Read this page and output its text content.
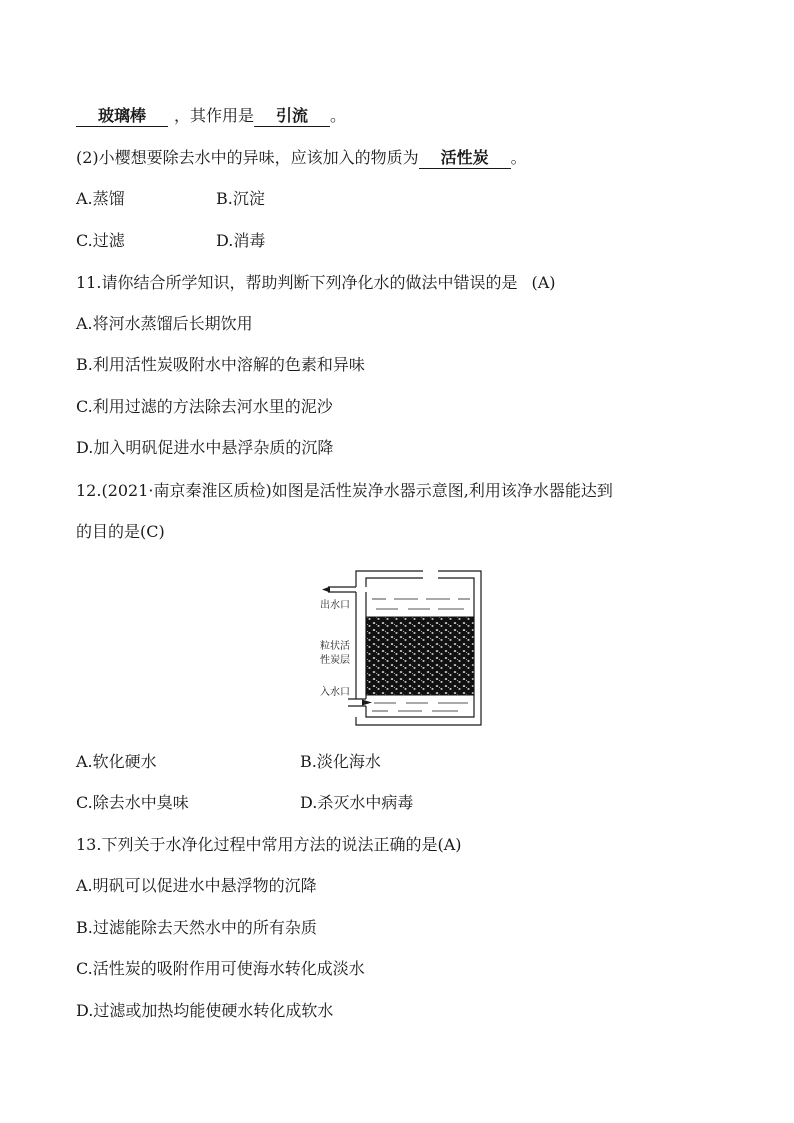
玻璃棒 ，其作用是 引流 。
(2)小樱想要除去水中的异味，应该加入的物质为 活性炭 。
A.蒸馏	B.沉淀
C.过滤	D.消毒
11.请你结合所学知识，帮助判断下列净化水的做法中错误的是 (A)
A.将河水蒸馏后长期饮用
B.利用活性炭吸附水中溶解的色素和异味
C.利用过滤的方法除去河水里的泥沙
D.加入明矾促进水中悬浮杂质的沉降
12.(2021·南京秦淮区质检)如图是活性炭净水器示意图,利用该净水器能达到
的目的是(C)
出水口
粒状活
性炭层
入水口
A.软化硬水	B.淡化海水
C.除去水中臭味	D.杀灭水中病毒
13.下列关于水净化过程中常用方法的说法正确的是(A)
A.明矾可以促进水中悬浮物的沉降
B.过滤能除去天然水中的所有杂质
C.活性炭的吸附作用可使海水转化成淡水
D.过滤或加热均能使硬水转化成软水
